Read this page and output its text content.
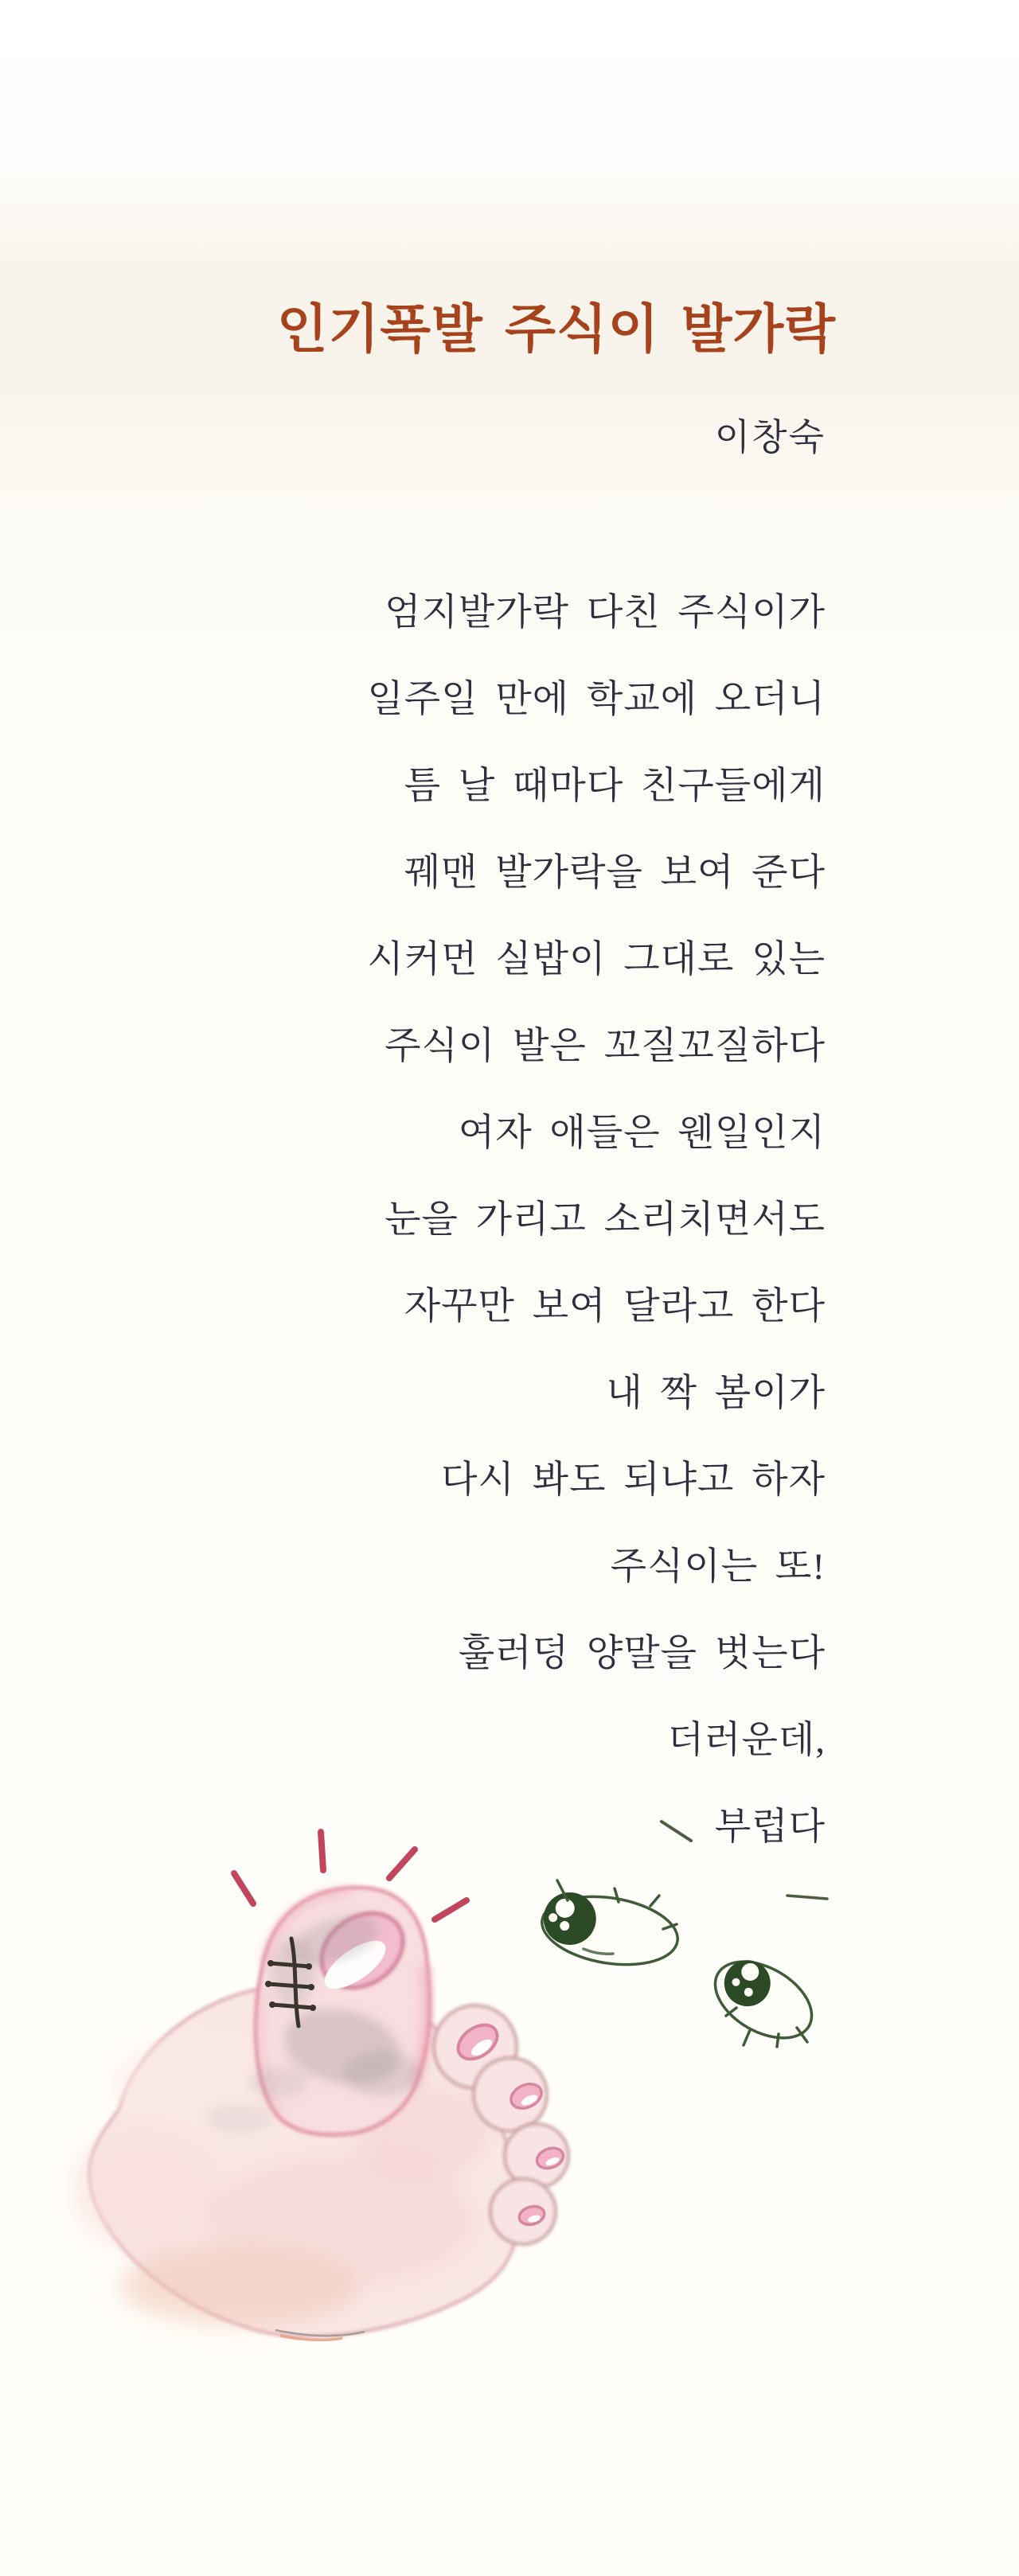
인기폭발 주식이 발가락
이창숙
엄지발가락 다친 주식이가
일주일 만에 학교에 오더니
틈 날 때마다 친구들에게
꿰맨 발가락을 보여 준다
시커먼 실밥이 그대로 있는
주식이 발은 꼬질꼬질하다
여자 애들은 웬일인지
눈을 가리고 소리치면서도
자꾸만 보여 달라고 한다
내 짝 봄이가
다시 봐도 되냐고 하자
주식이는 또!
훌러덩 양말을 벗는다
더러운데,
부럽다
